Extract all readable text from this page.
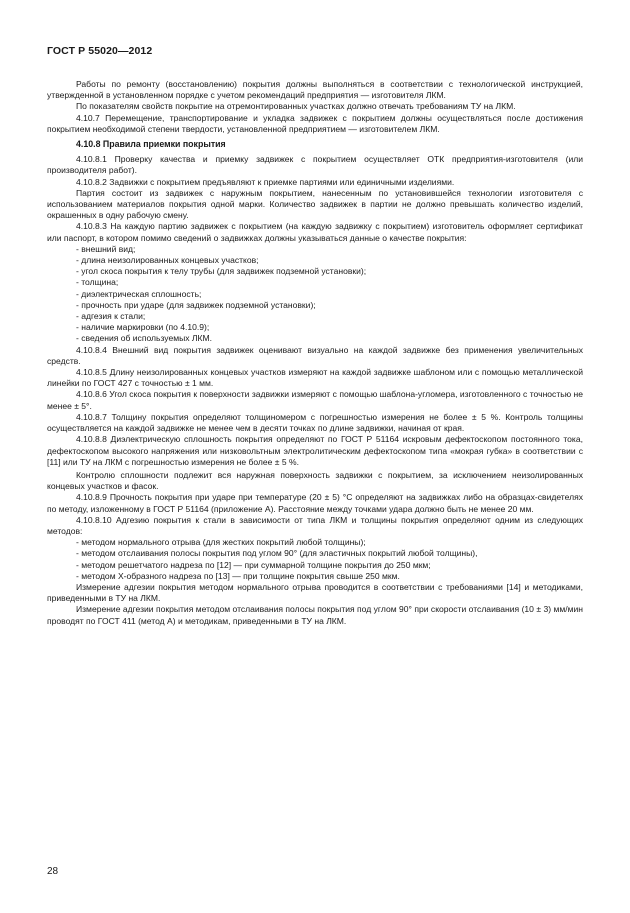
ГОСТ Р 55020—2012

Работы по ремонту (восстановлению) покрытия должны выполняться в соответствии с технологической инструкцией, утвержденной в установленном порядке с учетом рекомендаций предприятия — изготовителя ЛКМ.

По показателям свойств покрытие на отремонтированных участках должно отвечать требованиям ТУ на ЛКМ.

4.10.7 Перемещение, транспортирование и укладка задвижек с покрытием должны осуществляться после достижения покрытием необходимой степени твердости, установленной предприятием — изготовителем ЛКМ.

4.10.8 Правила приемки покрытия

4.10.8.1 Проверку качества и приемку задвижек с покрытием осуществляет ОТК предприятия-изготовителя (или производителя работ).

4.10.8.2 Задвижки с покрытием предъявляют к приемке партиями или единичными изделиями.

Партия состоит из задвижек с наружным покрытием, нанесенным по установившейся технологии изготовителя с использованием материалов покрытия одной марки. Количество задвижек в партии не должно превышать количество изделий, окрашенных в одну рабочую смену.

4.10.8.3 На каждую партию задвижек с покрытием (на каждую задвижку с покрытием) изготовитель оформляет сертификат или паспорт, в котором помимо сведений о задвижках должны указываться данные о качестве покрытия:

- внешний вид;

- длина неизолированных концевых участков;

- угол скоса покрытия к телу трубы (для задвижек подземной установки);

- толщина;

- диэлектрическая сплошность;

- прочность при ударе (для задвижек подземной установки);

- адгезия к стали;

- наличие маркировки (по 4.10.9);

- сведения об используемых ЛКМ.

4.10.8.4 Внешний вид покрытия задвижек оценивают визуально на каждой задвижке без применения увеличительных средств.

4.10.8.5 Длину неизолированных концевых участков измеряют на каждой задвижке шаблоном или с помощью металлической линейки по ГОСТ 427 с точностью ± 1 мм.

4.10.8.6 Угол скоса покрытия к поверхности задвижки измеряют с помощью шаблона-угломера, изготовленного с точностью не менее ± 5°.

4.10.8.7 Толщину покрытия определяют толщиномером с погрешностью измерения не более ± 5 %. Контроль толщины осуществляется на каждой задвижке не менее чем в десяти точках по длине задвижки, начиная от края.

4.10.8.8 Диэлектрическую сплошность покрытия определяют по ГОСТ Р 51164 искровым дефектоскопом постоянного тока, дефектоскопом высокого напряжения или низковольтным электролитическим дефектоскопом типа «мокрая губка» в соответствии с [11] или ТУ на ЛКМ с погрешностью измерения не более ± 5 %.

Контролю сплошности подлежит вся наружная поверхность задвижки с покрытием, за исключением неизолированных концевых участков и фасок.

4.10.8.9 Прочность покрытия при ударе при температуре (20 ± 5) °С определяют на задвижках либо на образцах-свидетелях по методу, изложенному в ГОСТ Р 51164 (приложение А). Расстояние между точками удара должно быть не менее 20 мм.

4.10.8.10 Адгезию покрытия к стали в зависимости от типа ЛКМ и толщины покрытия определяют одним из следующих методов:

- методом нормального отрыва (для жестких покрытий любой толщины);

- методом отслаивания полосы покрытия под углом 90° (для эластичных покрытий любой толщины),

- методом решетчатого надреза по [12] — при суммарной толщине покрытия до 250 мкм;

- методом Х-образного надреза по [13] — при толщине покрытия свыше 250 мкм.

Измерение адгезии покрытия методом нормального отрыва проводится в соответствии с требованиями [14] и методиками, приведенными в ТУ на ЛКМ.

Измерение адгезии покрытия методом отслаивания полосы покрытия под углом 90° при скорости отслаивания (10 ± 3) мм/мин проводят по ГОСТ 411 (метод А) и методикам, приведенными в ТУ на ЛКМ.

28
